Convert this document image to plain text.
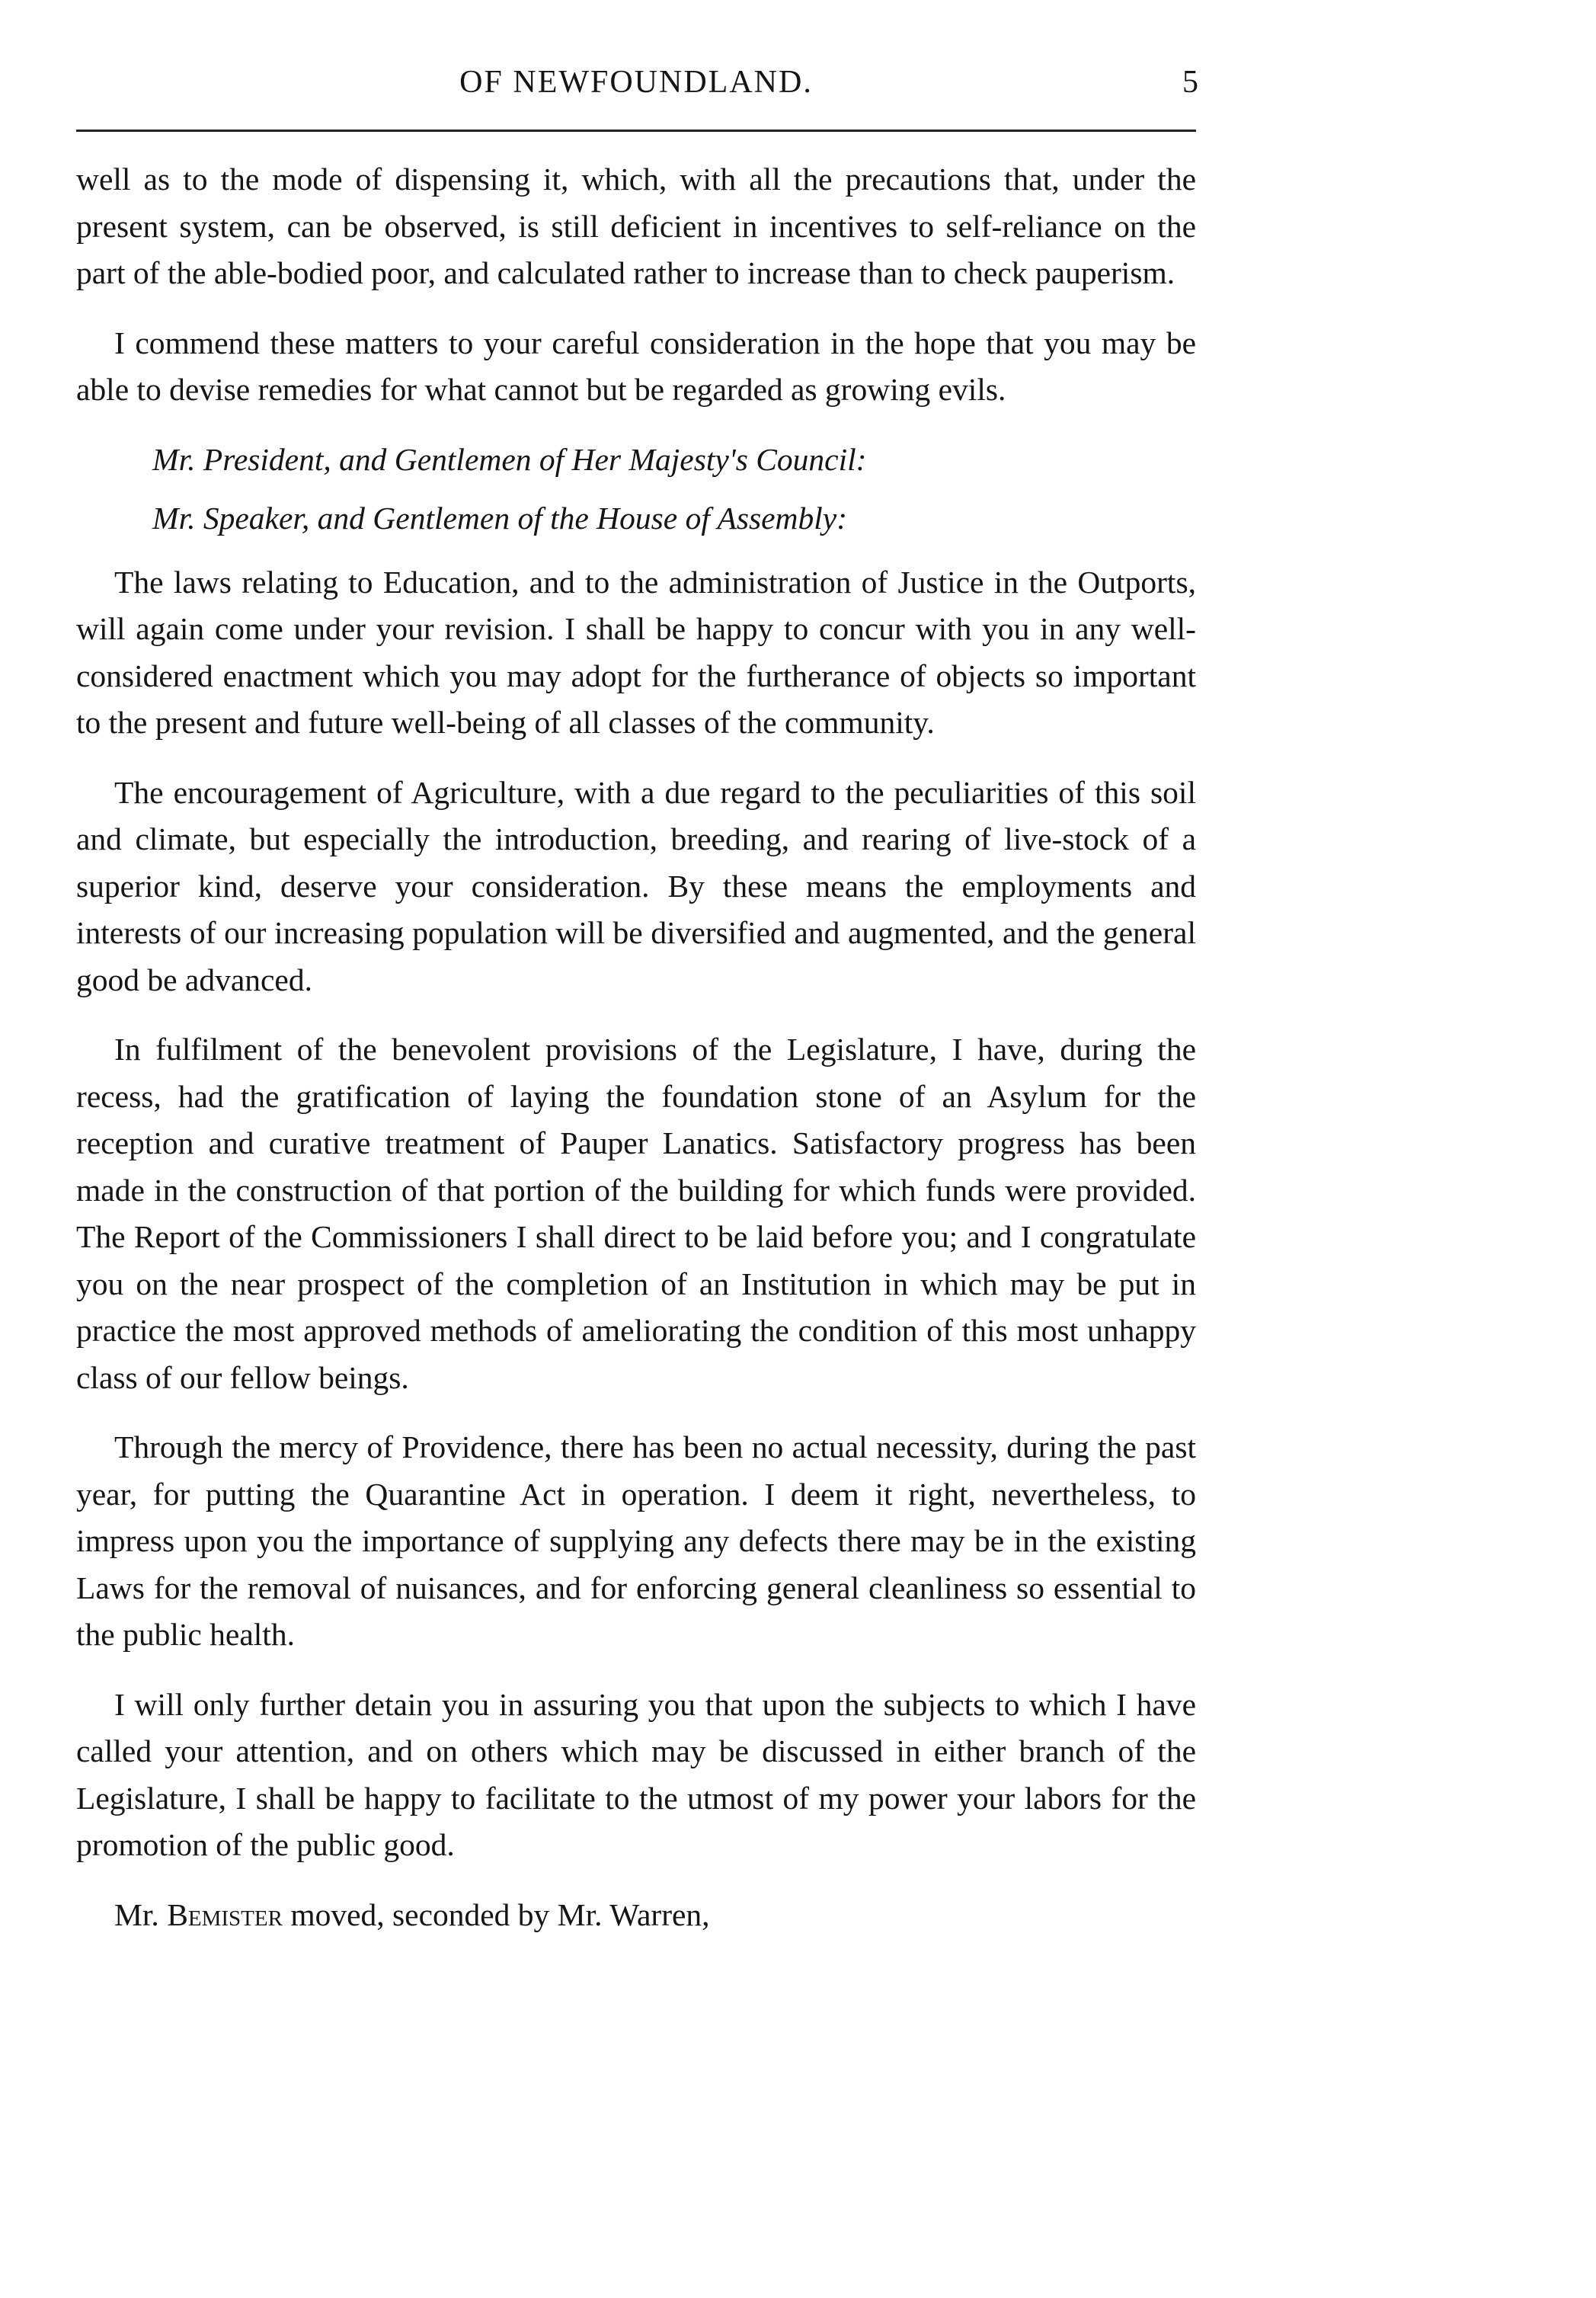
OF NEWFOUNDLAND.	5

well as to the mode of dispensing it, which, with all the precautions that, under the present system, can be observed, is still deficient in incentives to self-reliance on the part of the able-bodied poor, and calculated rather to increase than to check pauperism.

I commend these matters to your careful consideration in the hope that you may be able to devise remedies for what cannot but be regarded as growing evils.

Mr. President, and Gentlemen of Her Majesty's Council:

Mr. Speaker, and Gentlemen of the House of Assembly:

The laws relating to Education, and to the administration of Justice in the Outports, will again come under your revision. I shall be happy to concur with you in any well-considered enactment which you may adopt for the furtherance of objects so important to the present and future well-being of all classes of the community.

The encouragement of Agriculture, with a due regard to the peculiarities of this soil and climate, but especially the introduction, breeding, and rearing of live-stock of a superior kind, deserve your consideration. By these means the employments and interests of our increasing population will be diversified and augmented, and the general good be advanced.

In fulfilment of the benevolent provisions of the Legislature, I have, during the recess, had the gratification of laying the foundation stone of an Asylum for the reception and curative treatment of Pauper Lanatics. Satisfactory progress has been made in the construction of that portion of the building for which funds were provided. The Report of the Commissioners I shall direct to be laid before you; and I congratulate you on the near prospect of the completion of an Institution in which may be put in practice the most approved methods of ameliorating the condition of this most unhappy class of our fellow beings.

Through the mercy of Providence, there has been no actual necessity, during the past year, for putting the Quarantine Act in operation. I deem it right, nevertheless, to impress upon you the importance of supplying any defects there may be in the existing Laws for the removal of nuisances, and for enforcing general cleanliness so essential to the public health.

I will only further detain you in assuring you that upon the subjects to which I have called your attention, and on others which may be discussed in either branch of the Legislature, I shall be happy to facilitate to the utmost of my power your labors for the promotion of the public good.

Mr. Bemister moved, seconded by Mr. Warren,
